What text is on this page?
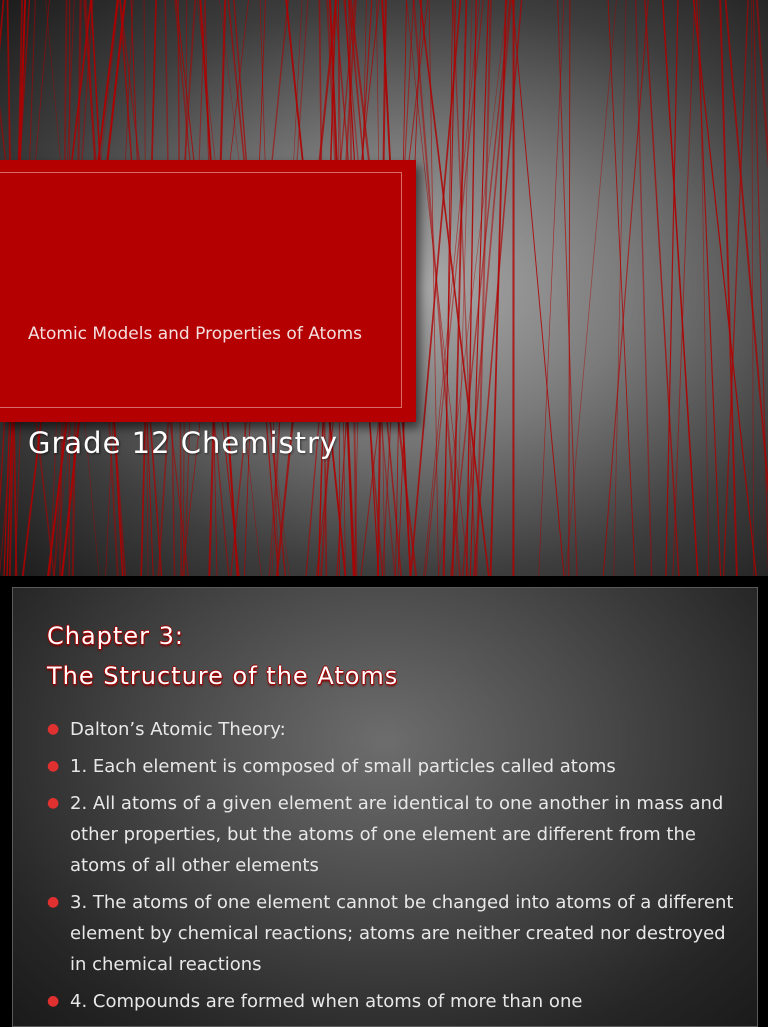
Grade 12 Chemistry

Atomic Models and Properties of Atoms

Chapter 3:
The Structure of the Atoms
● Dalton’s Atomic Theory:
● 1. Each element is composed of small particles called atoms
● 2. All atoms of a given element are identical to one another in mass and other properties, but the atoms of one element are different from the atoms of all other elements
● 3. The atoms of one element cannot be changed into atoms of a different element by chemical reactions; atoms are neither created nor destroyed in chemical reactions
● 4. Compounds are formed when atoms of more than one
